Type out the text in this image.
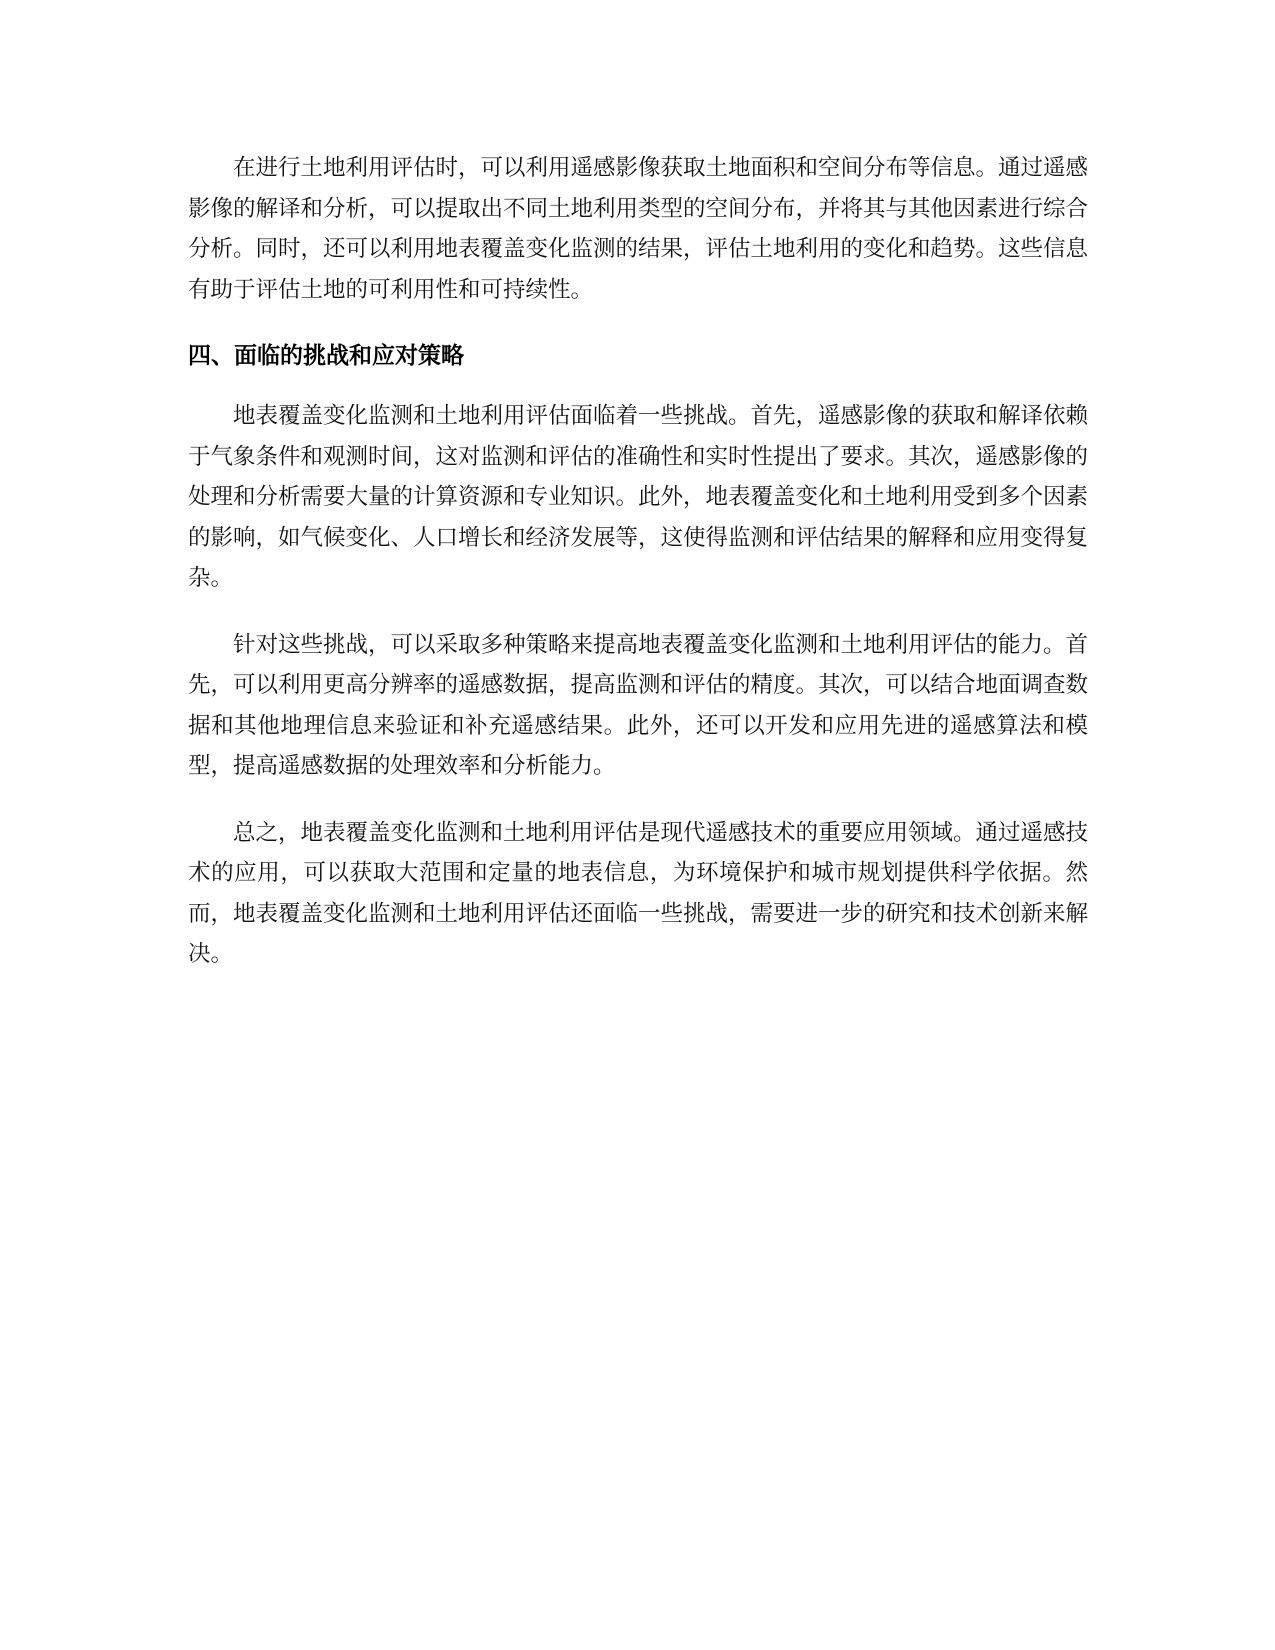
在进行土地利用评估时，可以利用遥感影像获取土地面积和空间分布等信息。通过遥感影像的解译和分析，可以提取出不同土地利用类型的空间分布，并将其与其他因素进行综合分析。同时，还可以利用地表覆盖变化监测的结果，评估土地利用的变化和趋势。这些信息有助于评估土地的可利用性和可持续性。

四、面临的挑战和应对策略

地表覆盖变化监测和土地利用评估面临着一些挑战。首先，遥感影像的获取和解译依赖于气象条件和观测时间，这对监测和评估的准确性和实时性提出了要求。其次，遥感影像的处理和分析需要大量的计算资源和专业知识。此外，地表覆盖变化和土地利用受到多个因素的影响，如气候变化、人口增长和经济发展等，这使得监测和评估结果的解释和应用变得复杂。

针对这些挑战，可以采取多种策略来提高地表覆盖变化监测和土地利用评估的能力。首先，可以利用更高分辨率的遥感数据，提高监测和评估的精度。其次，可以结合地面调查数据和其他地理信息来验证和补充遥感结果。此外，还可以开发和应用先进的遥感算法和模型，提高遥感数据的处理效率和分析能力。

总之，地表覆盖变化监测和土地利用评估是现代遥感技术的重要应用领域。通过遥感技术的应用，可以获取大范围和定量的地表信息，为环境保护和城市规划提供科学依据。然而，地表覆盖变化监测和土地利用评估还面临一些挑战，需要进一步的研究和技术创新来解决。
